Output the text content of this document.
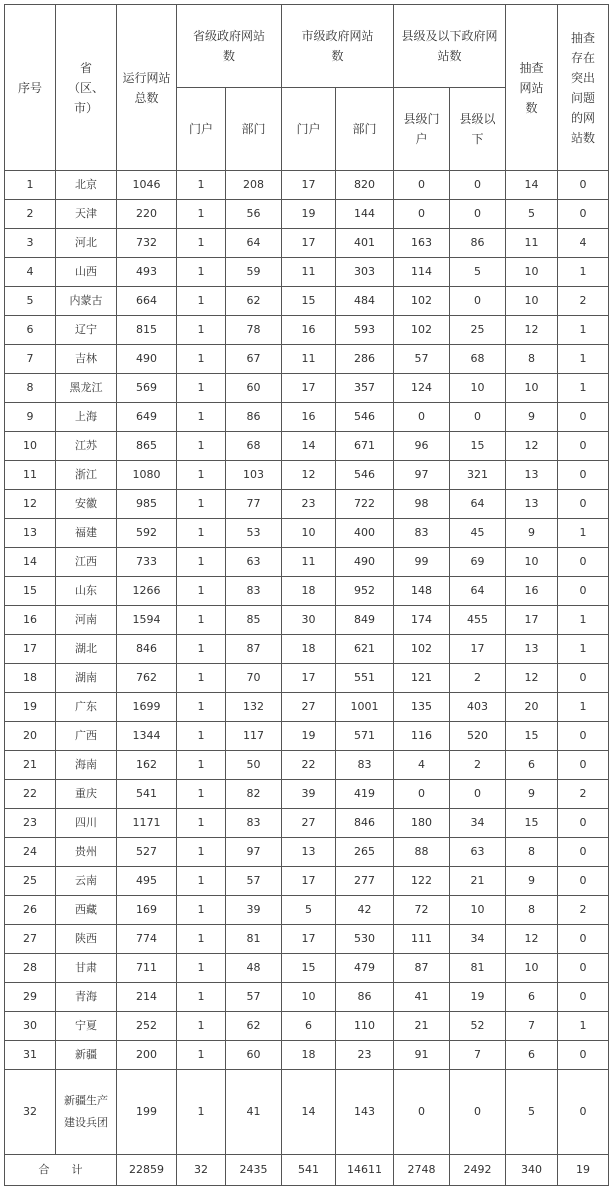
序号	省（区、市）	运行网站总数	省级政府网站数		市级政府网站数		县级及以下政府网站数		抽查网站数	抽查存在突出问题的网站数
			门户	部门	门户	部门	县级门户	县级以下		
1	北京	1046	1	208	17	820	0	0	14	0
2	天津	220	1	56	19	144	0	0	5	0
3	河北	732	1	64	17	401	163	86	11	4
4	山西	493	1	59	11	303	114	5	10	1
5	内蒙古	664	1	62	15	484	102	0	10	2
6	辽宁	815	1	78	16	593	102	25	12	1
7	吉林	490	1	67	11	286	57	68	8	1
8	黑龙江	569	1	60	17	357	124	10	10	1
9	上海	649	1	86	16	546	0	0	9	0
10	江苏	865	1	68	14	671	96	15	12	0
11	浙江	1080	1	103	12	546	97	321	13	0
12	安徽	985	1	77	23	722	98	64	13	0
13	福建	592	1	53	10	400	83	45	9	1
14	江西	733	1	63	11	490	99	69	10	0
15	山东	1266	1	83	18	952	148	64	16	0
16	河南	1594	1	85	30	849	174	455	17	1
17	湖北	846	1	87	18	621	102	17	13	1
18	湖南	762	1	70	17	551	121	2	12	0
19	广东	1699	1	132	27	1001	135	403	20	1
20	广西	1344	1	117	19	571	116	520	15	0
21	海南	162	1	50	22	83	4	2	6	0
22	重庆	541	1	82	39	419	0	0	9	2
23	四川	1171	1	83	27	846	180	34	15	0
24	贵州	527	1	97	13	265	88	63	8	0
25	云南	495	1	57	17	277	122	21	9	0
26	西藏	169	1	39	5	42	72	10	8	2
27	陕西	774	1	81	17	530	111	34	12	0
28	甘肃	711	1	48	15	479	87	81	10	0
29	青海	214	1	57	10	86	41	19	6	0
30	宁夏	252	1	62	6	110	21	52	7	1
31	新疆	200	1	60	18	23	91	7	6	0
32	新疆生产建设兵团	199	1	41	14	143	0	0	5	0
合　　计		22859	32	2435	541	14611	2748	2492	340	19
